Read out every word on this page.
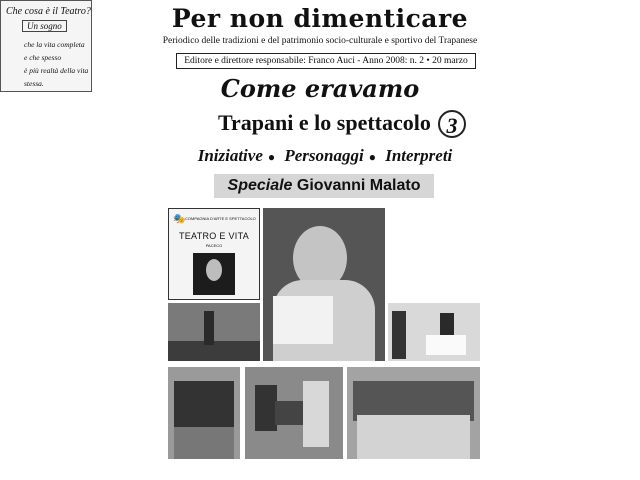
Per non dimenticare
Periodico delle tradizioni e del patrimonio socio-culturale e sportivo del Trapanese
Editore e direttore responsabile: Franco Auci - Anno 2008: n. 2 • 20 marzo
Come eravamo
Trapani e lo spettacolo 3
Iniziative ● Personaggi ● Interpreti
Speciale Giovanni Malato
🎭 COMPAGNIA D'ARTE E SPETTACOLO
TEATRO E VITA
PACECO
Che cosa è il Teatro?
Un sogno
che la vita completa
e che spesso
è più realtà della vita
stessa.
